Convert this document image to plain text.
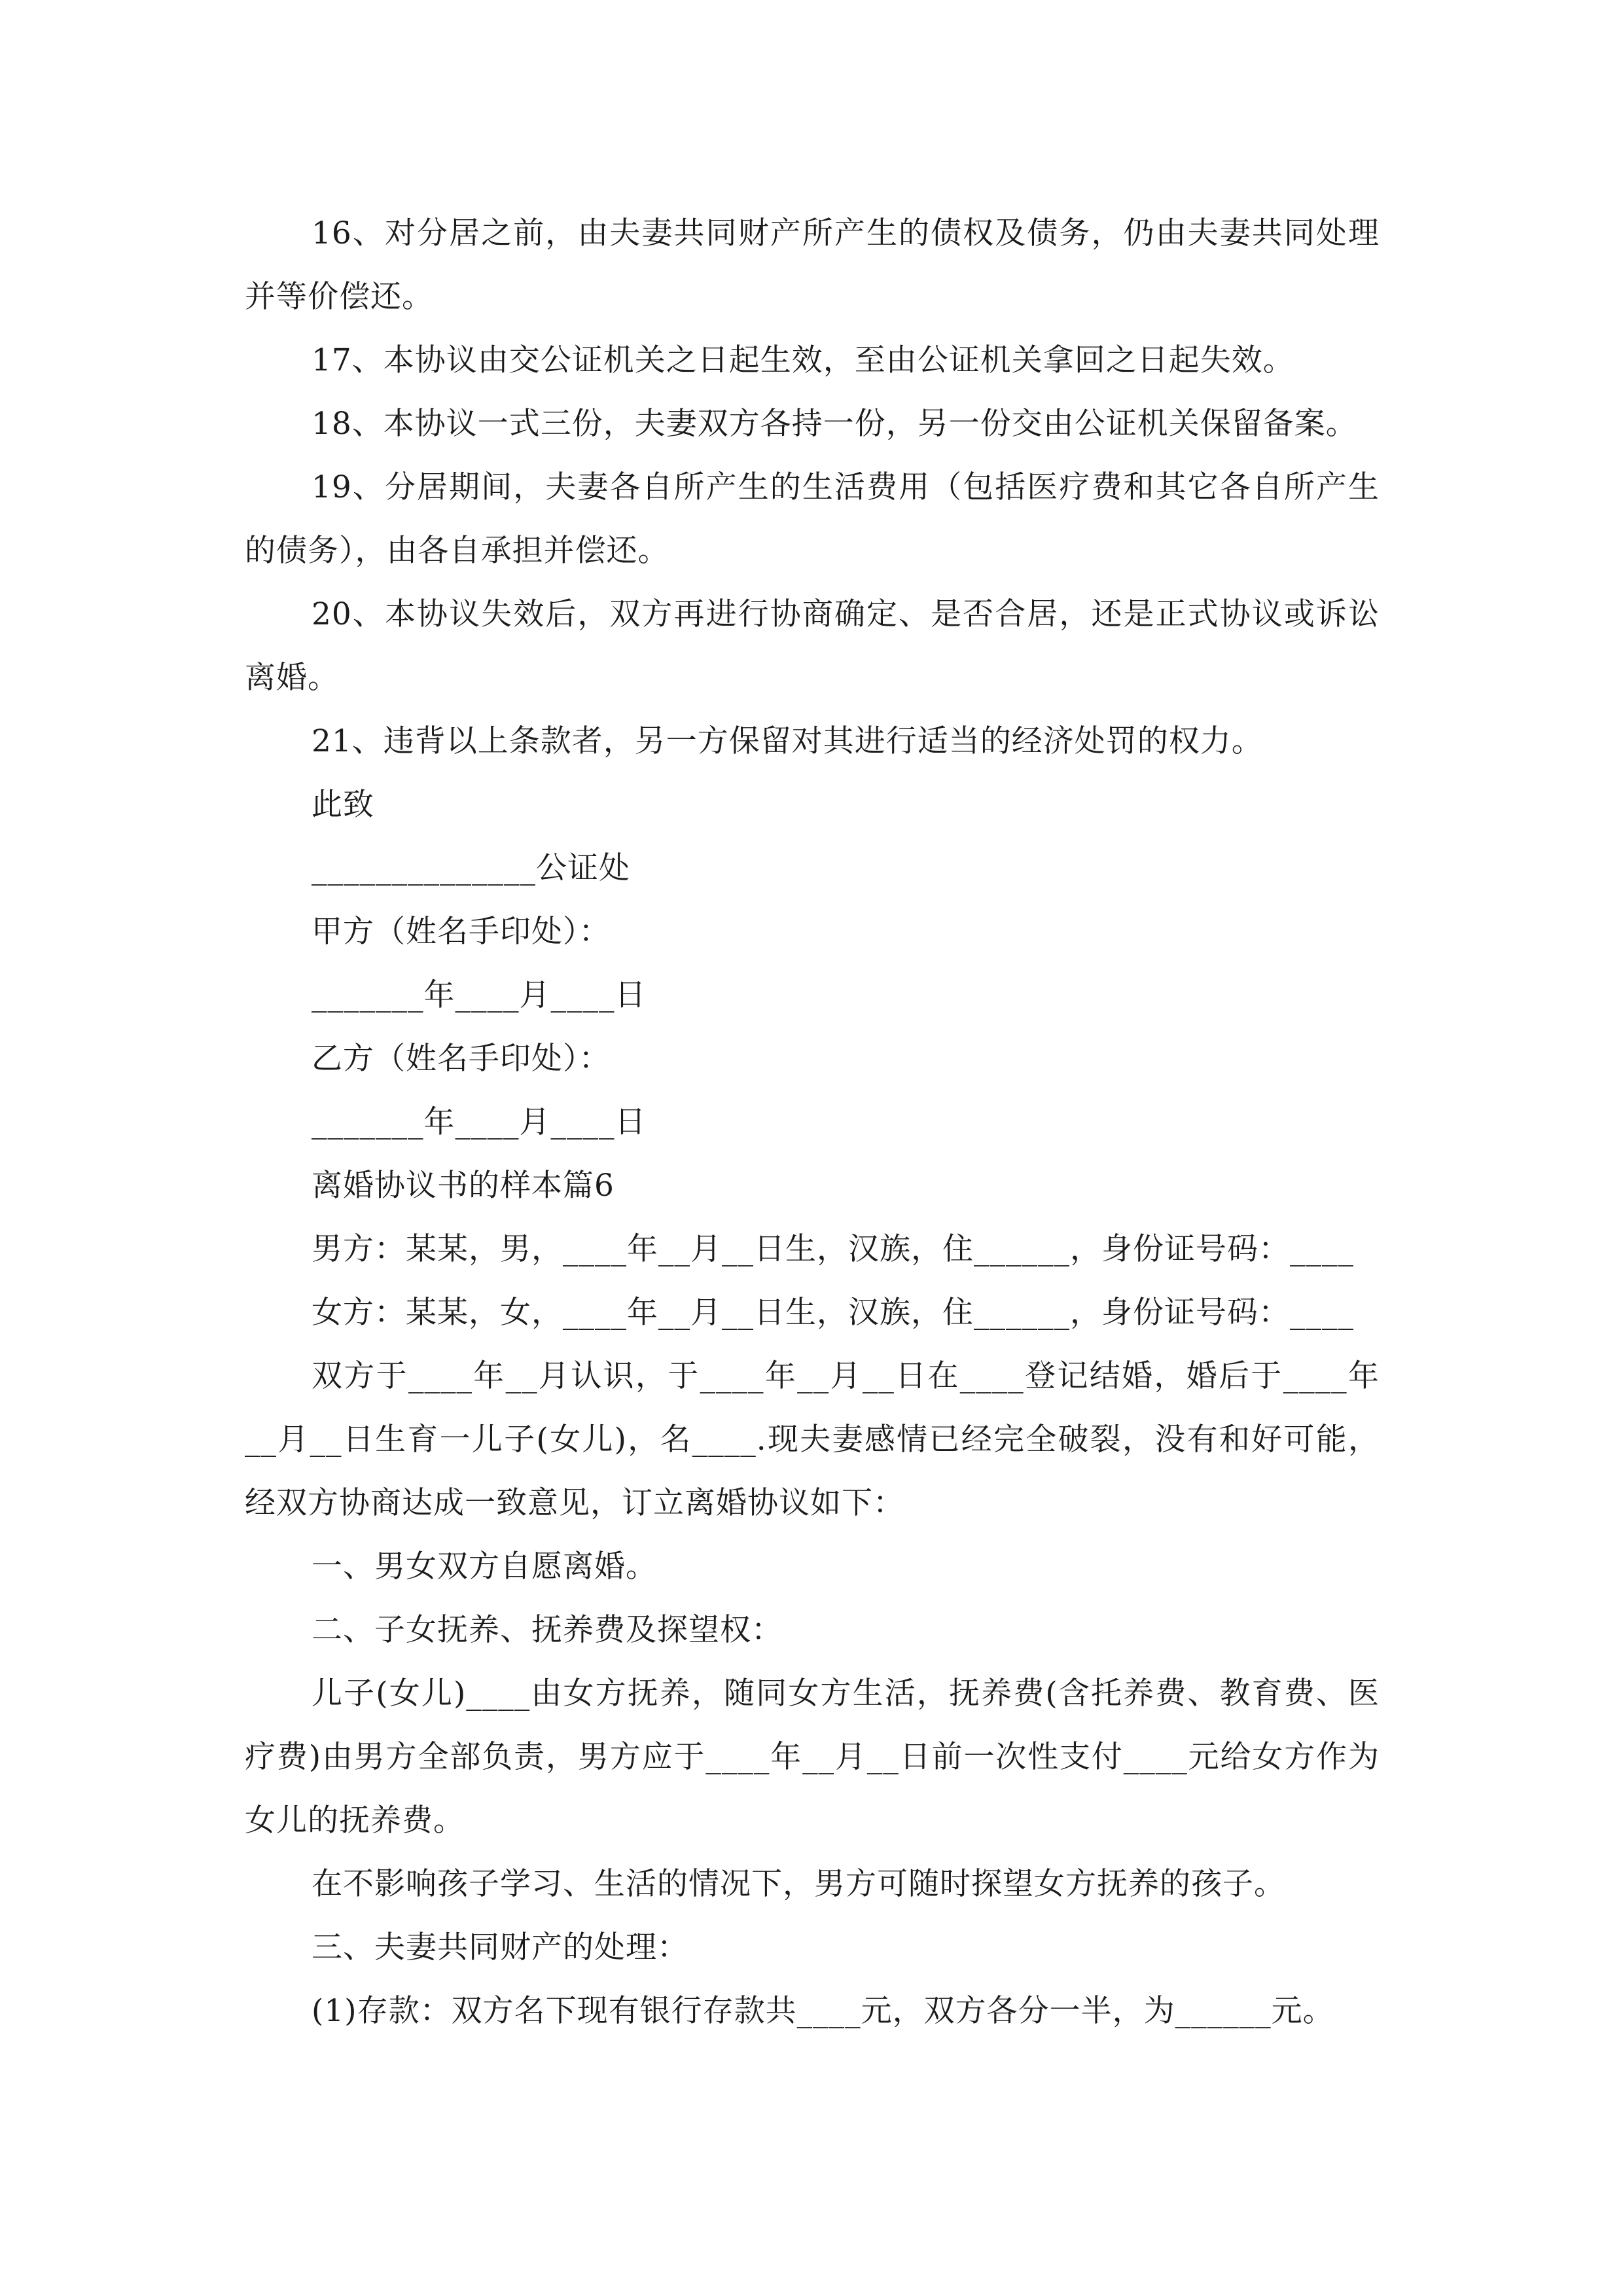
16、对分居之前，由夫妻共同财产所产生的债权及债务，仍由夫妻共同处理并等价偿还。

17、本协议由交公证机关之日起生效，至由公证机关拿回之日起失效。

18、本协议一式三份，夫妻双方各持一份，另一份交由公证机关保留备案。

19、分居期间，夫妻各自所产生的生活费用（包括医疗费和其它各自所产生的债务），由各自承担并偿还。

20、本协议失效后，双方再进行协商确定、是否合居，还是正式协议或诉讼离婚。

21、违背以上条款者，另一方保留对其进行适当的经济处罚的权力。

此致

______________公证处

甲方（姓名手印处）：

_______年____月____日

乙方（姓名手印处）：

_______年____月____日

离婚协议书的样本篇6

男方：某某，男，____年__月__日生，汉族，住______，身份证号码：____

女方：某某，女，____年__月__日生，汉族，住______，身份证号码：____

双方于____年__月认识，于____年__月__日在____登记结婚，婚后于____年__月__日生育一儿子(女儿)，名____.现夫妻感情已经完全破裂，没有和好可能，经双方协商达成一致意见，订立离婚协议如下：

一、男女双方自愿离婚。

二、子女抚养、抚养费及探望权：

儿子(女儿)____由女方抚养，随同女方生活，抚养费(含托养费、教育费、医疗费)由男方全部负责，男方应于____年__月__日前一次性支付____元给女方作为女儿的抚养费。

在不影响孩子学习、生活的情况下，男方可随时探望女方抚养的孩子。

三、夫妻共同财产的处理：

(1)存款：双方名下现有银行存款共____元，双方各分一半，为______元。
